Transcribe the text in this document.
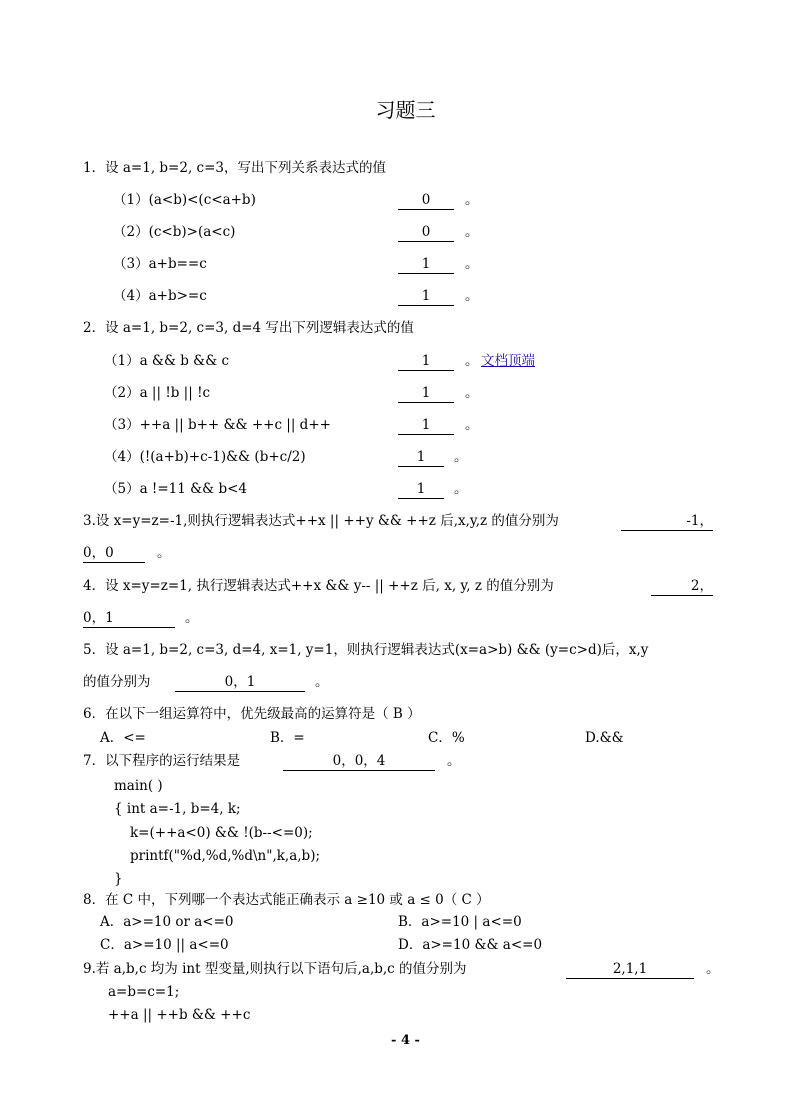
习题三
1．设 a=1, b=2, c=3，写出下列关系表达式的值
（1）(a<b)<(c<a+b)	0	。
（2）(c<b)>(a<c)	0	。
（3）a+b==c	1	。
（4）a+b>=c	1	。
2．设 a=1, b=2, c=3, d=4 写出下列逻辑表达式的值
（1）a && b && c	1	。 文档顶端
（2）a || !b || !c	1	。
（3）++a || b++ && ++c || d++	1	。
（4）(!(a+b)+c-1)&& (b+c/2)	1	。
（5）a !=11 && b<4	1	。
3.设 x=y=z=-1,则执行逻辑表达式++x || ++y && ++z 后,x,y,z 的值分别为	-1，
0，0	。
4．设 x=y=z=1, 执行逻辑表达式++x && y-- || ++z 后, x, y, z 的值分别为	2，
0，1	。
5．设 a=1, b=2, c=3, d=4, x=1, y=1，则执行逻辑表达式(x=a>b) && (y=c>d)后，x,y
的值分别为	0，1	。
6．在以下一组运算符中，优先级最高的运算符是（ B ）
A．<=	B．=	C．%	D.&&
7．以下程序的运行结果是	0，0，4	。
main( )
{ int a=-1, b=4, k;
k=(++a<0) && !(b--<=0);
printf("%d,%d,%d\n",k,a,b);
}
8．在 C 中，下列哪一个表达式能正确表示 a ≥10 或 a ≤ 0（ C ）
A．a>=10 or a<=0	B．a>=10 | a<=0
C．a>=10 || a<=0	D．a>=10 && a<=0
9.若 a,b,c 均为 int 型变量,则执行以下语句后,a,b,c 的值分别为	2,1,1	。
a=b=c=1;
++a || ++b && ++c
- 4 -
